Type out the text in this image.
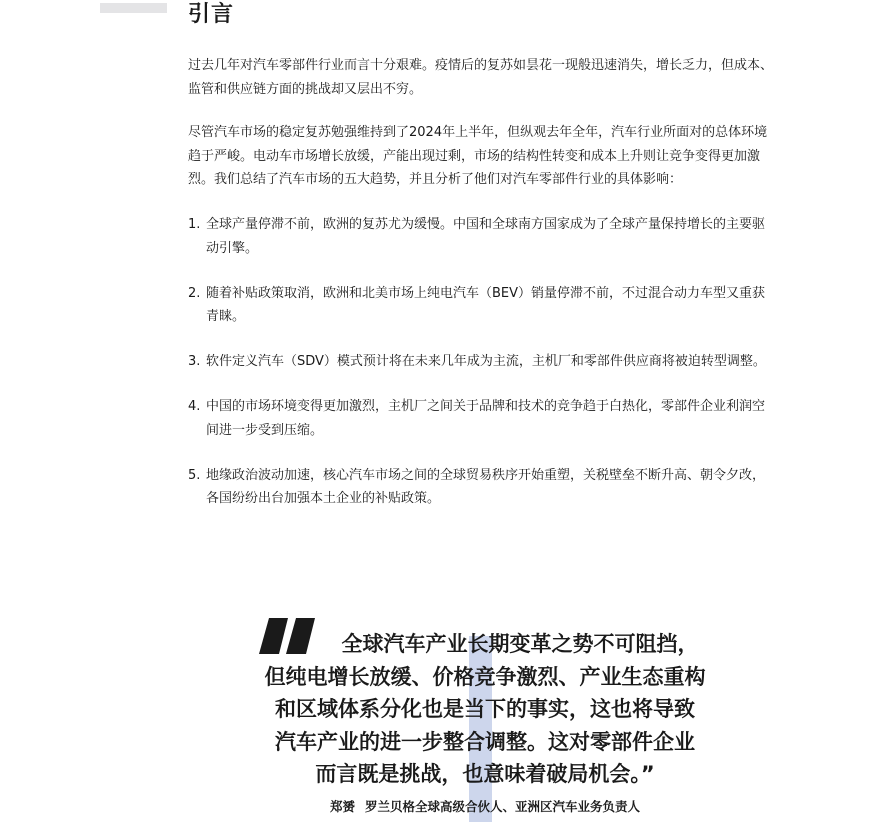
引言

过去几年对汽车零部件行业而言十分艰难。疫情后的复苏如昙花一现般迅速消失，增长乏力，但成本、监管和供应链方面的挑战却又层出不穷。

尽管汽车市场的稳定复苏勉强维持到了2024年上半年，但纵观去年全年，汽车行业所面对的总体环境趋于严峻。电动车市场增长放缓，产能出现过剩，市场的结构性转变和成本上升则让竞争变得更加激烈。我们总结了汽车市场的五大趋势，并且分析了他们对汽车零部件行业的具体影响：

1. 全球产量停滞不前，欧洲的复苏尤为缓慢。中国和全球南方国家成为了全球产量保持增长的主要驱动引擎。
2. 随着补贴政策取消，欧洲和北美市场上纯电汽车（BEV）销量停滞不前，不过混合动力车型又重获青睐。
3. 软件定义汽车（SDV）模式预计将在未来几年成为主流，主机厂和零部件供应商将被迫转型调整。
4. 中国的市场环境变得更加激烈，主机厂之间关于品牌和技术的竞争趋于白热化，零部件企业利润空间进一步受到压缩。
5. 地缘政治波动加速，核心汽车市场之间的全球贸易秩序开始重塑，关税壁垒不断升高、朝令夕改，各国纷纷出台加强本土企业的补贴政策。
全球汽车产业长期变革之势不可阻挡，
但纯电增长放缓、价格竞争激烈、产业生态重构
和区域体系分化也是当下的事实，这也将导致
汽车产业的进一步整合调整。这对零部件企业
而言既是挑战，也意味着破局机会。”

郑赟 罗兰贝格全球高级合伙人、亚洲区汽车业务负责人
